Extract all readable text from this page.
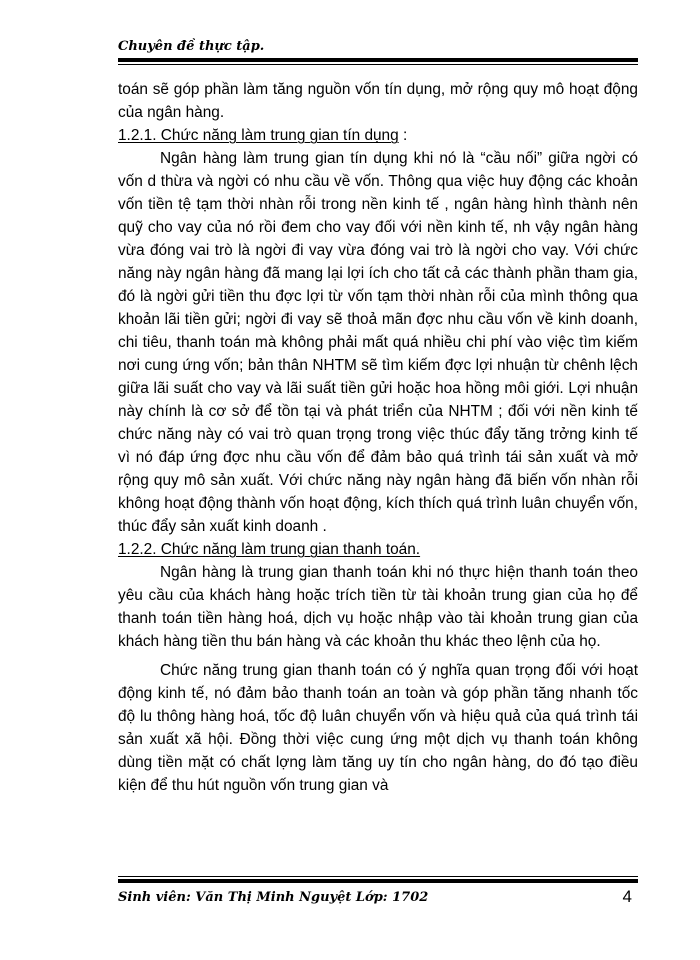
Chuyên đề thực tập.

toán sẽ góp phần làm tăng nguồn vốn tín dụng, mở rộng quy mô hoạt động của ngân hàng.

1.2.1. Chức năng làm trung gian tín dụng :

Ngân hàng làm trung gian tín dụng khi nó là “cầu nối” giữa ngời có vốn d thừa và ngời có nhu cầu về vốn. Thông qua việc huy động các khoản vốn tiền tệ tạm thời nhàn rỗi trong nền kinh tế , ngân hàng hình thành nên quỹ cho vay của nó rồi đem cho vay đối với nền kinh tế, nh vậy ngân hàng vừa đóng vai trò là ngời đi vay vừa đóng vai trò là ngời cho vay. Với chức năng này ngân hàng đã mang lại lợi ích cho tất cả các thành phần tham gia, đó là ngời gửi tiền thu đợc lợi từ vốn tạm thời nhàn rỗi của mình thông qua khoản lãi tiền gửi; ngời đi vay sẽ thoả mãn đợc nhu cầu vốn về kinh doanh, chi tiêu, thanh toán mà không phải mất quá nhiều chi phí vào việc tìm kiếm nơi cung ứng vốn; bản thân NHTM sẽ tìm kiếm đợc lợi nhuận từ chênh lệch giữa lãi suất cho vay và lãi suất tiền gửi hoặc hoa hồng môi giới. Lợi nhuận này chính là cơ sở để tồn tại và phát triển của NHTM ; đối với nền kinh tế chức năng này có vai trò quan trọng trong việc thúc đẩy tăng trởng kinh tế vì nó đáp ứng đợc nhu cầu vốn để đảm bảo quá trình tái sản xuất và mở rộng quy mô sản xuất. Với chức năng này ngân hàng đã biến vốn nhàn rỗi không hoạt động thành vốn hoạt động, kích thích quá trình luân chuyển vốn, thúc đẩy sản xuất kinh doanh .

1.2.2. Chức năng làm trung gian thanh toán.

Ngân hàng là trung gian thanh toán khi nó thực hiện thanh toán theo yêu cầu của khách hàng hoặc trích tiền từ tài khoản trung gian của họ để thanh toán tiền hàng hoá, dịch vụ hoặc nhập vào tài khoản trung gian của khách hàng tiền thu bán hàng và các khoản thu khác theo lệnh của họ.

Chức năng trung gian thanh toán có ý nghĩa quan trọng đối với hoạt động kinh tế, nó đảm bảo thanh toán an toàn và góp phần tăng nhanh tốc độ lu thông hàng hoá, tốc độ luân chuyển vốn và hiệu quả của quá trình tái sản xuất xã hội. Đồng thời việc cung ứng một dịch vụ thanh toán không dùng tiền mặt có chất lợng làm tăng uy tín cho ngân hàng, do đó tạo điều kiện để thu hút nguồn vốn trung gian và

Sinh viên: Văn Thị Minh Nguyệt Lớp: 1702	4
